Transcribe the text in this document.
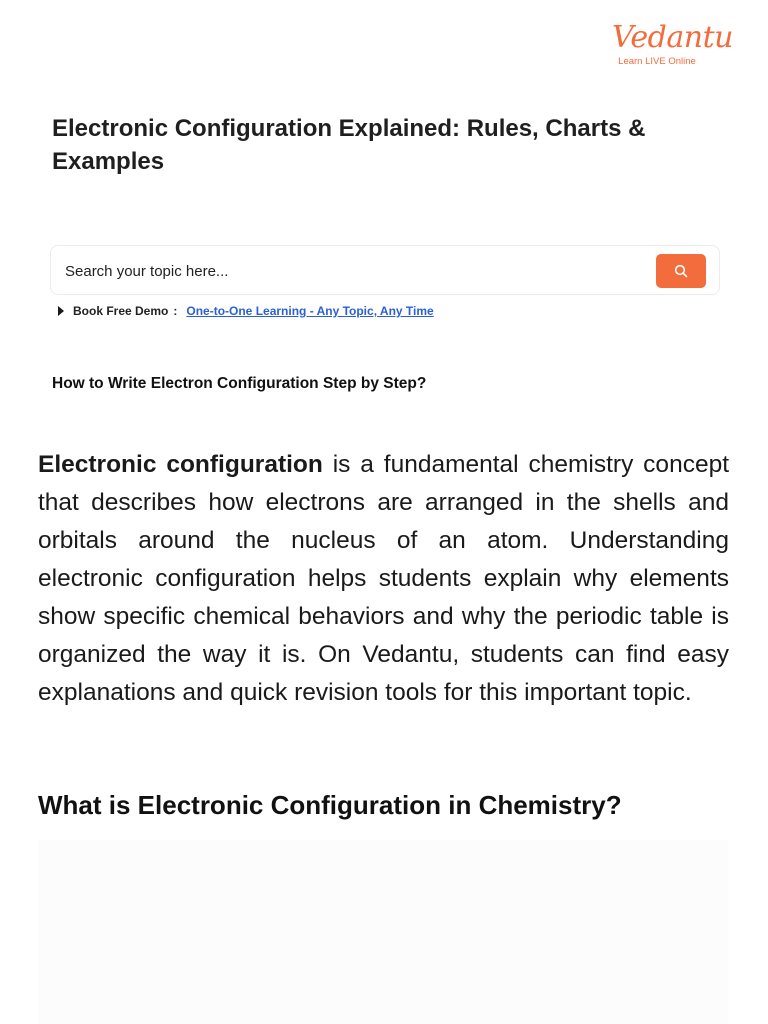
Vedantu
Learn LIVE Online
Electronic Configuration Explained: Rules, Charts & Examples
Search your topic here...
Book Free Demo : One-to-One Learning - Any Topic, Any Time
How to Write Electron Configuration Step by Step?

Electronic configuration is a fundamental chemistry concept that describes how electrons are arranged in the shells and orbitals around the nucleus of an atom. Understanding electronic configuration helps students explain why elements show specific chemical behaviors and why the periodic table is organized the way it is. On Vedantu, students can find easy explanations and quick revision tools for this important topic.

What is Electronic Configuration in Chemistry?
